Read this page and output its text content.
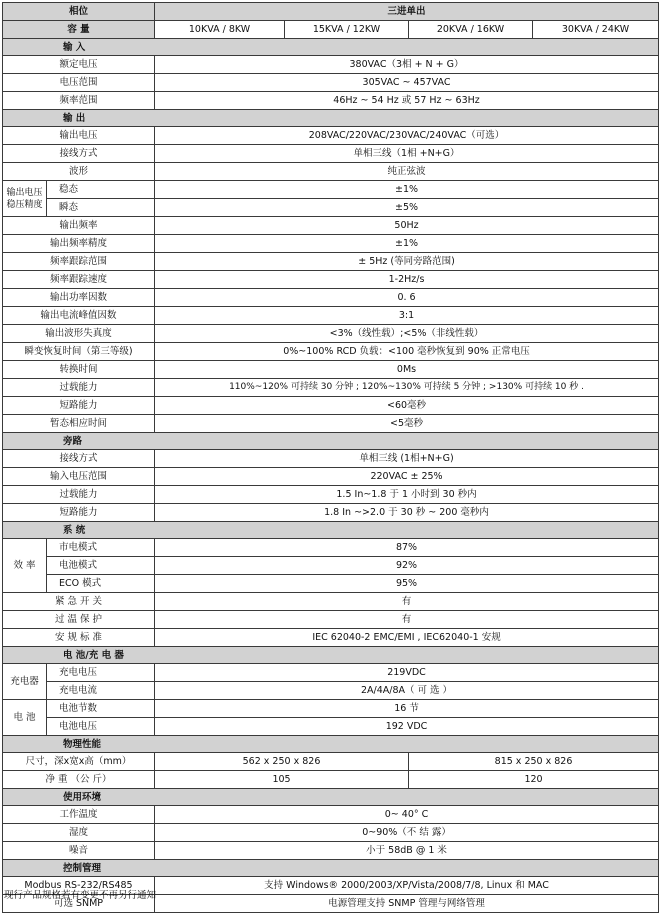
相位		三进单出			
容 量		10KVA / 8KW	15KVA / 12KW	20KVA / 16KW	30KVA / 24KW
输 入					
额定电压		380VAC（3相 + N + G）			
电压范围		305VAC ~ 457VAC			
频率范围		46Hz ~ 54 Hz 或 57 Hz ~ 63Hz			
输 出					
输出电压		208VAC/220VAC/230VAC/240VAC（可选）			
接线方式		单相三线（1相 +N+G）			
波形		纯正弦波			
输出电压稳压精度	稳态	±1%			
	瞬态	±5%			
输出频率		50Hz			
输出频率精度		±1%			
频率跟踪范围		± 5Hz (等同旁路范围)			
频率跟踪速度		1-2Hz/s			
输出功率因数		0. 6			
输出电流峰值因数		3:1			
输出波形失真度		<3%（线性载）;<5%（非线性载）			
瞬变恢复时间（第三等级)		0%~100% RCD 负载：<100 毫秒恢复到 90% 正常电压			
转换时间		0Ms			
过载能力		110%~120% 可持续 30 分钟 ; 120%~130% 可持续 5 分钟 ; >130% 可持续 10 秒 .			
短路能力		<60毫秒			
暂态相应时间		<5毫秒			
旁路					
接线方式		单相三线 (1相+N+G)			
输入电压范围		220VAC ± 25%			
过载能力		1.5 In~1.8 于 1 小时到 30 秒内			
短路能力		1.8 In ~>2.0 于 30 秒 ~ 200 毫秒内			
系 统					
效 率	市电模式	87%			
	电池模式	92%			
	ECO 模式	95%			
紧 急 开 关		有			
过 温 保 护		有			
安 规 标 准		IEC 62040-2 EMC/EMI , IEC62040-1 安规			
电 池/充 电 器					
充电器	充电电压	219VDC			
	充电电流	2A/4A/8A（ 可 选 ）			
电 池	电池节数	16 节			
	电池电压	192 VDC			
物理性能					
尺寸，深x宽x高（mm）		562 x 250 x 826		815 x 250 x 826	
净 重 （公 斤）		105		120	
使用环境					
工作温度		0~ 40° C			
湿度		0~90%（不 结 露）			
噪音		小于 58dB @ 1 米			
控制管理					
Modbus RS-232/RS485		支持 Windows® 2000/2003/XP/Vista/2008/7/8, Linux 和 MAC			
可选 SNMP		电源管理支持 SNMP 管理与网络管理			
现行产品规格若有变更不再另行通知
